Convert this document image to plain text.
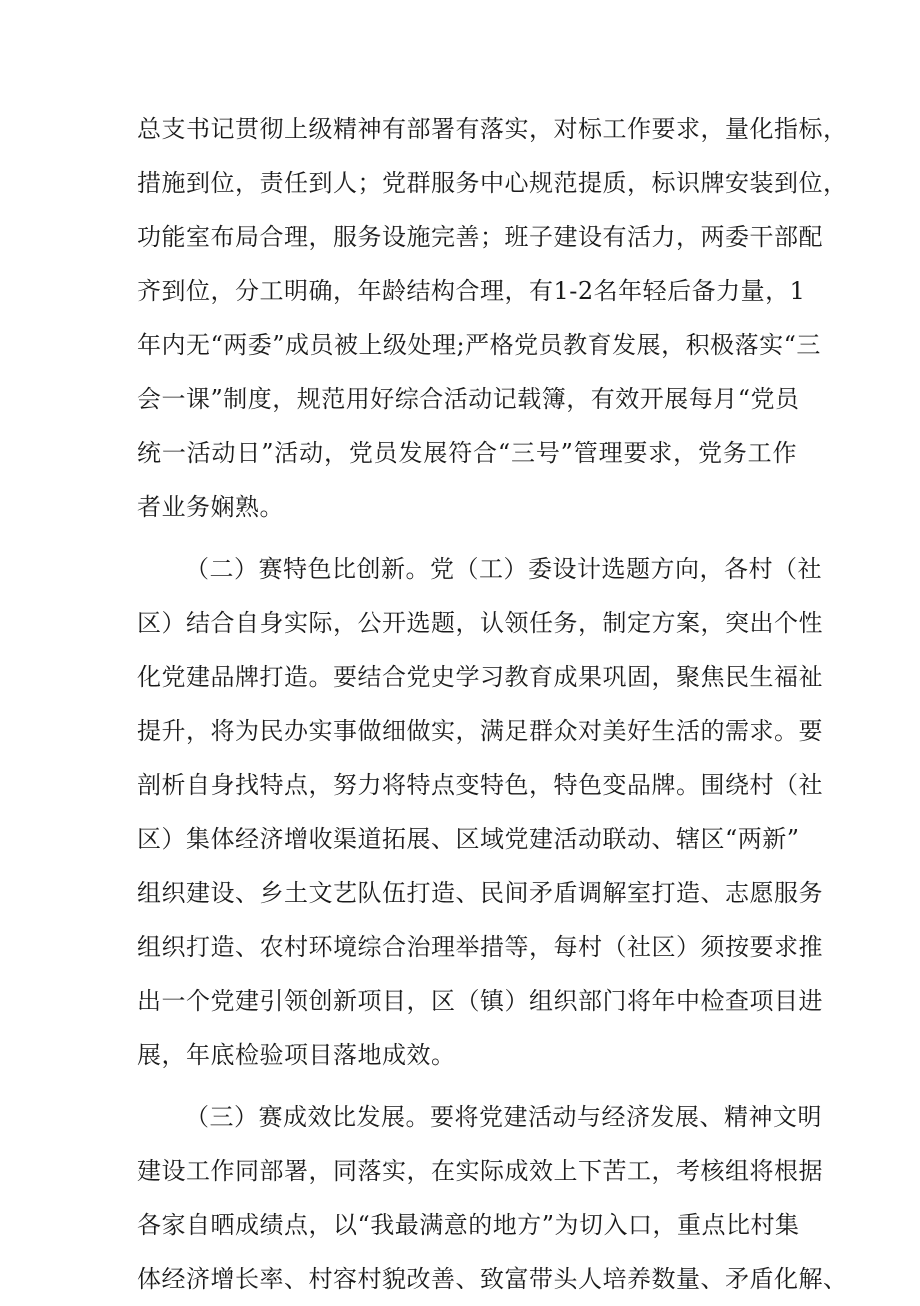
总支书记贯彻上级精神有部署有落实，对标工作要求，量化指标，
措施到位，责任到人；党群服务中心规范提质，标识牌安装到位，
功能室布局合理，服务设施完善；班子建设有活力，两委干部配
齐到位，分工明确，年龄结构合理，有1-2名年轻后备力量，1
年内无“两委”成员被上级处理;严格党员教育发展，积极落实“三
会一课”制度，规范用好综合活动记载簿，有效开展每月“党员
统一活动日”活动，党员发展符合“三号”管理要求，党务工作
者业务娴熟。
（二）赛特色比创新。党（工）委设计选题方向，各村（社
区）结合自身实际，公开选题，认领任务，制定方案，突出个性
化党建品牌打造。要结合党史学习教育成果巩固，聚焦民生福祉
提升，将为民办实事做细做实，满足群众对美好生活的需求。要
剖析自身找特点，努力将特点变特色，特色变品牌。围绕村（社
区）集体经济增收渠道拓展、区域党建活动联动、辖区“两新”
组织建设、乡土文艺队伍打造、民间矛盾调解室打造、志愿服务
组织打造、农村环境综合治理举措等，每村（社区）须按要求推
出一个党建引领创新项目，区（镇）组织部门将年中检查项目进
展，年底检验项目落地成效。
（三）赛成效比发展。要将党建活动与经济发展、精神文明
建设工作同部署，同落实，在实际成效上下苦工，考核组将根据
各家自晒成绩点，以“我最满意的地方”为切入口，重点比村集
体经济增长率、村容村貌改善、致富带头人培养数量、矛盾化解、
